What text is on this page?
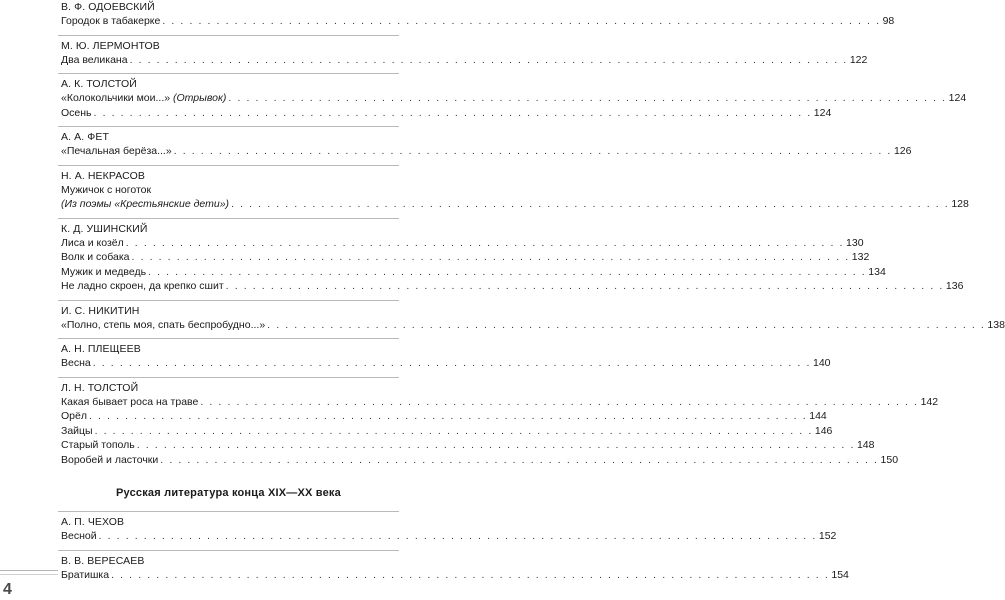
В. Ф. ОДОЕВСКИЙ
Городок в табакерке . . . . . . . . . . . . . . . . . . . . . . . . . . . . . . . . . . . . . . . . . . . . . . . . . . . . . . . . . . . . . . . . . . . . . . . . . . . . . . . . 98
М. Ю. ЛЕРМОНТОВ
Два великана . . . . . . . . . . . . . . . . . . . . . . . . . . . . . . . . . . . . . . . . . . . . . . . . . . . . . . . . . . . . . . . . . . . . . . . . . . . . . . . . 122
А. К. ТОЛСТОЙ
«Колокольчики мои...» (Отрывок) . . . . . . . . . . . . . . . . . . . . . . . . . . . . . . . . . . . . . . . . . . . . . . . . . . . . . . . . . . . . . . . . . . . . . . . . . . . . . . . . 124
Осень . . . . . . . . . . . . . . . . . . . . . . . . . . . . . . . . . . . . . . . . . . . . . . . . . . . . . . . . . . . . . . . . . . . . . . . . . . . . . . . . 124
А. А. ФЕТ
«Печальная берёза...» . . . . . . . . . . . . . . . . . . . . . . . . . . . . . . . . . . . . . . . . . . . . . . . . . . . . . . . . . . . . . . . . . . . . . . . . . . . . . . . . 126
Н. А. НЕКРАСОВ
Мужичок с ноготок
(Из поэмы «Крестьянские дети») . . . . . . . . . . . . . . . . . . . . . . . . . . . . . . . . . . . . . . . . . . . . . . . . . . . . . . . . . . . . . . . . . . . . . . . . . . . . . . . . 128
К. Д. УШИНСКИЙ
Лиса и козёл . . . . . . . . . . . . . . . . . . . . . . . . . . . . . . . . . . . . . . . . . . . . . . . . . . . . . . . . . . . . . . . . . . . . . . . . . . . . . . . . 130
Волк и собака . . . . . . . . . . . . . . . . . . . . . . . . . . . . . . . . . . . . . . . . . . . . . . . . . . . . . . . . . . . . . . . . . . . . . . . . . . . . . . . . 132
Мужик и медведь . . . . . . . . . . . . . . . . . . . . . . . . . . . . . . . . . . . . . . . . . . . . . . . . . . . . . . . . . . . . . . . . . . . . . . . . . . . . . . . . 134
Не ладно скроен, да крепко сшит . . . . . . . . . . . . . . . . . . . . . . . . . . . . . . . . . . . . . . . . . . . . . . . . . . . . . . . . . . . . . . . . . . . . . . . . . . . . . . . . 136
И. С. НИКИТИН
«Полно, степь моя, спать беспробудно...» . . . . . . . . . . . . . . . . . . . . . . . . . . . . . . . . . . . . . . . . . . . . . . . . . . . . . . . . . . . . . . . . . . . . . . . . . . . . . . . . 138
А. Н. ПЛЕЩЕЕВ
Весна . . . . . . . . . . . . . . . . . . . . . . . . . . . . . . . . . . . . . . . . . . . . . . . . . . . . . . . . . . . . . . . . . . . . . . . . . . . . . . . . 140
Л. Н. ТОЛСТОЙ
Какая бывает роса на траве . . . . . . . . . . . . . . . . . . . . . . . . . . . . . . . . . . . . . . . . . . . . . . . . . . . . . . . . . . . . . . . . . . . . . . . . . . . . . . . . 142
Орёл . . . . . . . . . . . . . . . . . . . . . . . . . . . . . . . . . . . . . . . . . . . . . . . . . . . . . . . . . . . . . . . . . . . . . . . . . . . . . . . . 144
Зайцы . . . . . . . . . . . . . . . . . . . . . . . . . . . . . . . . . . . . . . . . . . . . . . . . . . . . . . . . . . . . . . . . . . . . . . . . . . . . . . . . 146
Старый тополь . . . . . . . . . . . . . . . . . . . . . . . . . . . . . . . . . . . . . . . . . . . . . . . . . . . . . . . . . . . . . . . . . . . . . . . . . . . . . . . . 148
Воробей и ласточки . . . . . . . . . . . . . . . . . . . . . . . . . . . . . . . . . . . . . . . . . . . . . . . . . . . . . . . . . . . . . . . . . . . . . . . . . . . . . . . . 150
Русская литература конца XIX—XX века
А. П. ЧЕХОВ
Весной . . . . . . . . . . . . . . . . . . . . . . . . . . . . . . . . . . . . . . . . . . . . . . . . . . . . . . . . . . . . . . . . . . . . . . . . . . . . . . . . 152
В. В. ВЕРЕСАЕВ
Братишка . . . . . . . . . . . . . . . . . . . . . . . . . . . . . . . . . . . . . . . . . . . . . . . . . . . . . . . . . . . . . . . . . . . . . . . . . . . . . . . . 154
4
